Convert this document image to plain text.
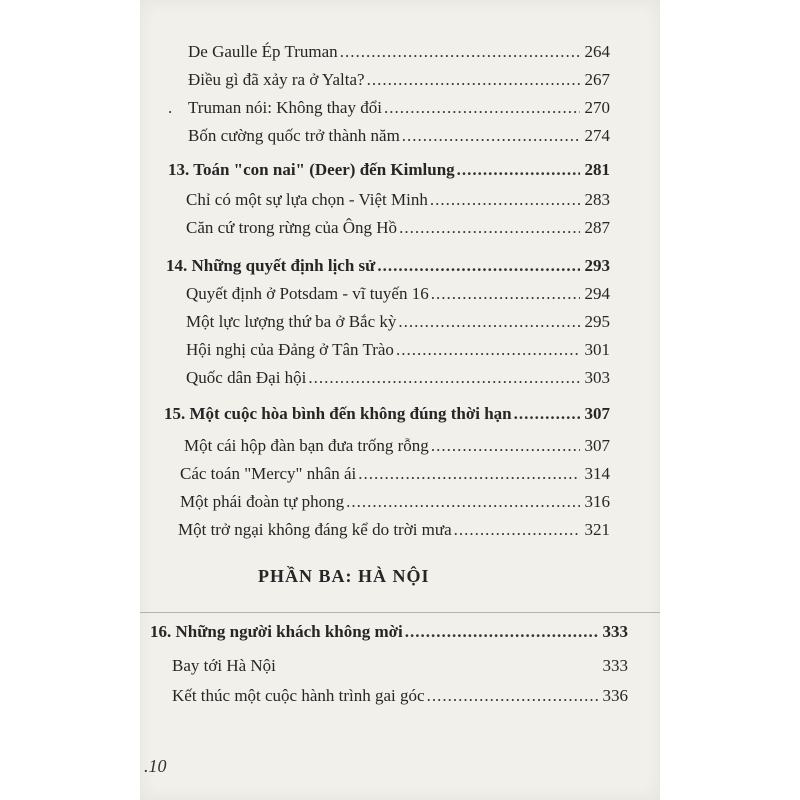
De Gaulle Ép Truman .....	264
Điều gì đã xảy ra ở Yalta? .....	267
. Truman nói: Không thay đổi .....	270
Bốn cường quốc trở thành năm .....	274
13. Toán "con nai" (Deer) đến Kimlung .....	281
Chỉ có một sự lựa chọn - Việt Minh .....	283
Căn cứ trong rừng của Ông Hồ .....	287
14. Những quyết định lịch sử .....	293
Quyết định ở Potsdam - vĩ tuyến 16 .....	294
Một lực lượng thứ ba ở Bắc kỳ .....	295
Hội nghị của Đảng ở Tân Trào .....	301
Quốc dân Đại hội .....	303
15. Một cuộc hòa bình đến không đúng thời hạn .....	307
Một cái hộp đàn bạn đưa trống rỗng .....	307
Các toán "Mercy" nhân ái .....	314
Một phái đoàn tự phong .....	316
Một trở ngại không đáng kể do trời mưa .....	321
PHẦN BA: HÀ NỘI
16. Những người khách không mời .....	333
Bay tới Hà Nội	333
Kết thúc một cuộc hành trình gai góc .....	336
.10
